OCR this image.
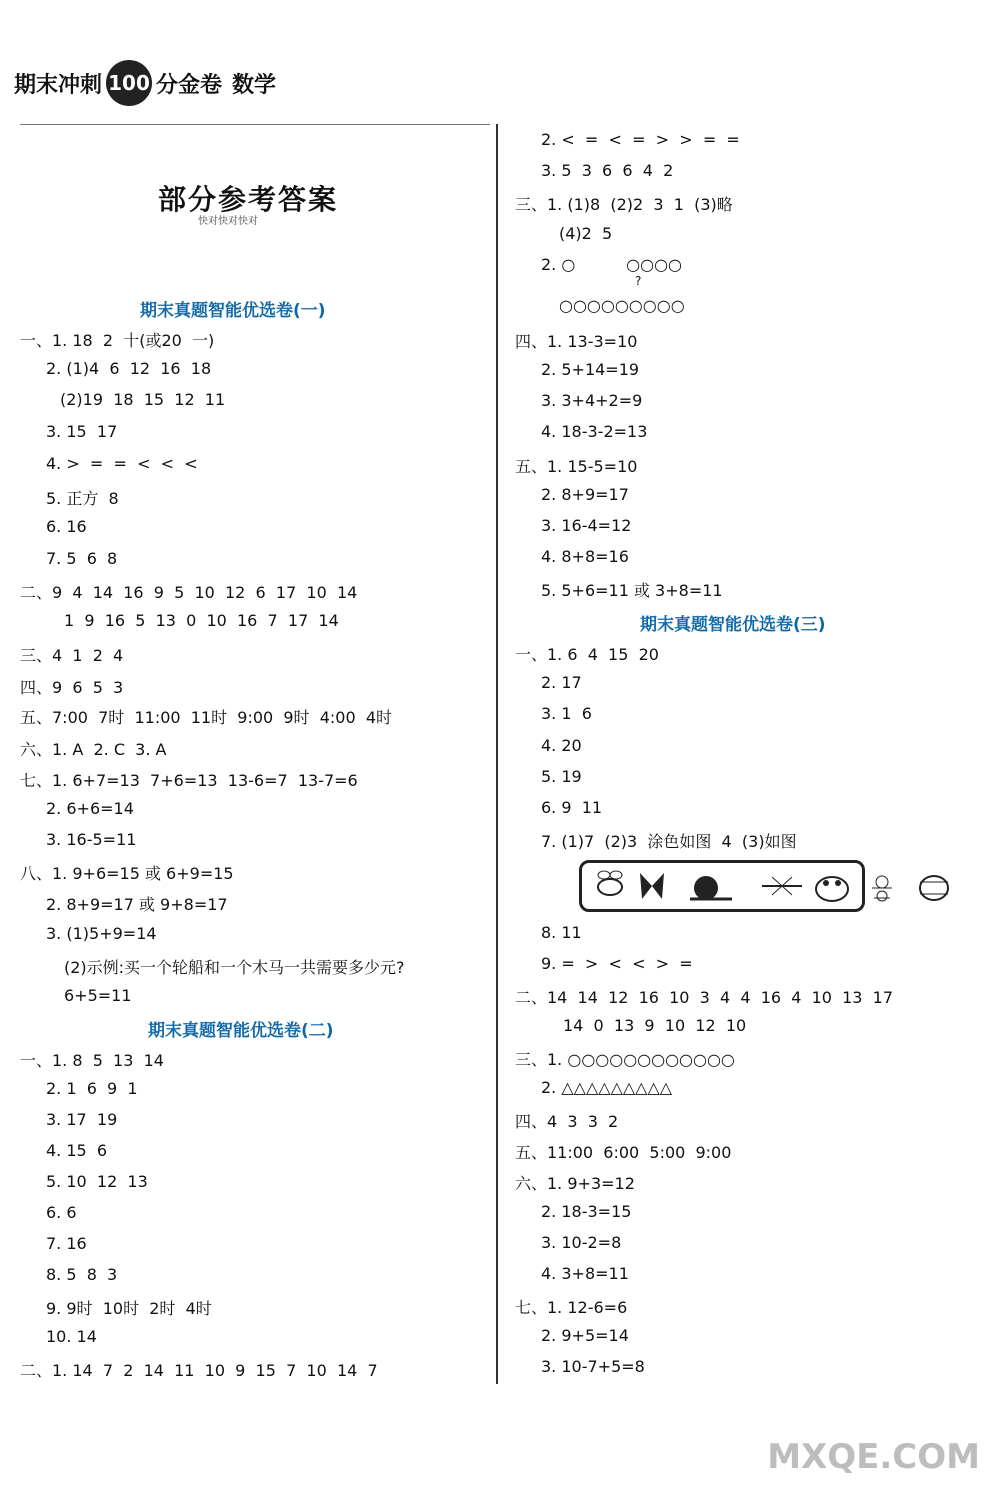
期末冲刺 100 分金卷 数学
部分参考答案
快对快对快对
期末真题智能优选卷(一)
期末真题智能优选卷(二)
期末真题智能优选卷(三)
一、1. 18  2  十(或20  一)
2. (1)4  6  12  16  18
(2)19  18  15  12  11
3. 15  17
4. >  =  =  <  <  <
5. 正方  8
6. 16
7. 5  6  8
二、9  4  14  16  9  5  10  12  6  17  10  14
1  9  16  5  13  0  10  16  7  17  14
三、4  1  2  4
四、9  6  5  3
五、7:00  7时  11:00  11时  9:00  9时  4:00  4时
六、1. A  2. C  3. A
七、1. 6+7=13  7+6=13  13-6=7  13-7=6
2. 6+6=14
3. 16-5=11
八、1. 9+6=15 或 6+9=15
2. 8+9=17 或 9+8=17
3. (1)5+9=14
(2)示例:买一个轮船和一个木马一共需要多少元?
6+5=11
一、1. 8  5  13  14
2. 1  6  9  1
3. 17  19
4. 15  6
5. 10  12  13
6. 6
7. 16
8. 5  8  3
9. 9时  10时  2时  4时
10. 14
二、1. 14  7  2  14  11  10  9  15  7  10  14  7
2. <  =  <  =  >  >  =  =
3. 5  3  6  6  4  2
三、1. (1)8  (2)2  3  1  (3)略
(4)2  5
2. ○          ○○○○
?
○○○○○○○○○
四、1. 13-3=10
2. 5+14=19
3. 3+4+2=9
4. 18-3-2=13
五、1. 15-5=10
2. 8+9=17
3. 16-4=12
4. 8+8=16
5. 5+6=11 或 3+8=11
一、1. 6  4  15  20
2. 17
3. 1  6
4. 20
5. 19
6. 9  11
7. (1)7  (2)3  涂色如图  4  (3)如图
8. 11
9. =  >  <  <  >  =
二、14  14  12  16  10  3  4  4  16  4  10  13  17
14  0  13  9  10  12  10
三、1. ○○○○○○○○○○○○
2. △△△△△△△△△
四、4  3  3  2
五、11:00  6:00  5:00  9:00
六、1. 9+3=12
2. 18-3=15
3. 10-2=8
4. 3+8=11
七、1. 12-6=6
2. 9+5=14
3. 10-7+5=8
MXQE.COM
